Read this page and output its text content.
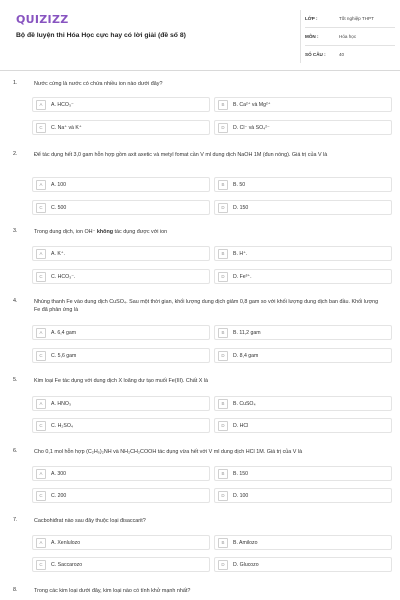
QUIZIZZ
Bộ đề luyện thi Hóa Học cực hay có lời giải (đề số 8)
LỚP :	Tốt nghiệp THPT
MÔN :	Hóa học
SỐ CÂU :	40
1.	Nước cứng là nước có chứa nhiều ion nào dưới đây?
A	A. HCO₃⁻	B	B. Ca²⁺ và Mg²⁺
C	C. Na⁺ và K⁺	D	D. Cl⁻ và SO₄²⁻
2.	Để tác dụng hết 3,0 gam hỗn hợp gồm axit axetic và metyl fomat cần V ml dung dịch NaOH 1M (đun nóng). Giá trị của V là
A	A. 100	B	B. 50
C	C. 500	D	D. 150
3.	Trong dung dịch, ion OH⁻ không tác dụng được với ion
A	A. K⁺.	B	B. H⁺.
C	C. HCO₃⁻.	D	D. Fe³⁺.
4.	Nhúng thanh Fe vào dung dịch CuSO₄. Sau một thời gian, khối lượng dung dịch giảm 0,8 gam so với khối lượng dung dịch ban đầu. Khối lượng Fe đã phản ứng là
A	A. 6,4 gam	B	B. 11,2 gam
C	C. 5,6 gam	D	D. 8,4 gam
5.	Kim loại Fe tác dụng với dung dịch X loãng dư tạo muối Fe(III). Chất X là
A	A. HNO₃	B	B. CuSO₄
C	C. H₂SO₄	D	D. HCl
6.	Cho 0,1 mol hỗn hợp (C₂H₅)₂NH và NH₂CH₂COOH tác dụng vừa hết với V ml dung dịch HCl 1M. Giá trị của V là
A	A. 300	B	B. 150
C	C. 200	D	D. 100
7.	Cacbohiđrat nào sau đây thuộc loại đisaccarit?
A	A. Xenlulozo	B	B. Amilozo
C	C. Saccarozo	D	D. Glucozo
8.	Trong các kim loại dưới đây, kim loại nào có tính khử mạnh nhất?
